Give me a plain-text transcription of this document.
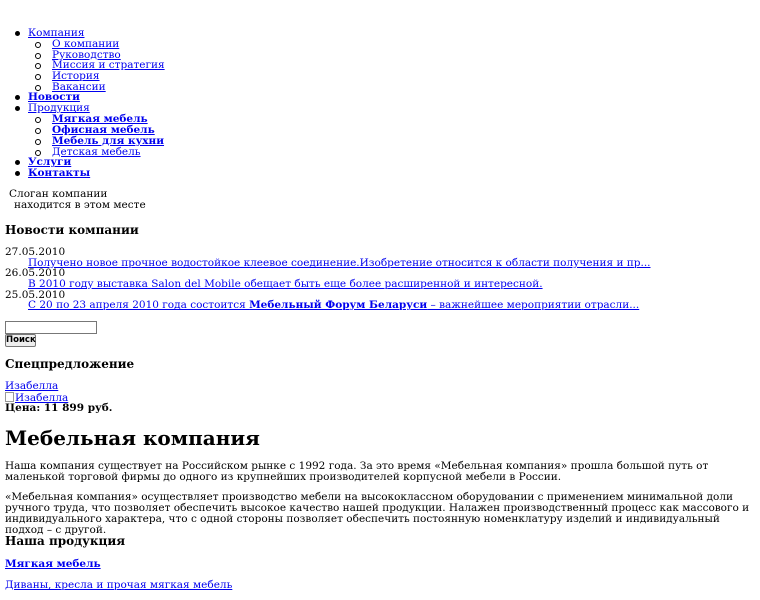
Компания
О компании
Руководство
Миссия и стратегия
История
Вакансии
Новости
Продукция
Мягкая мебель
Офисная мебель
Мебель для кухни
Детская мебель
Услуги
Контакты
Слоган компании
находится в этом месте
Новости компании
27.05.2010
Получено новое прочное водостойкое клеевое соединение.Изобретение относится к области получения и пр...
26.05.2010
В 2010 году выставка Salon del Mobile обещает быть еще более расширенной и интересной.
25.05.2010
С 20 по 23 апреля 2010 года состоится Мебельный Форум Беларуси – важнейшее мероприятии отрасли...
Поиск
Спецпредложение
Изабелла
Изабелла
Цена: 11 899 руб.
Мебельная компания

Наша компания существует на Российском рынке с 1992 года. За это время «Мебельная компания» прошла большой путь от маленькой торговой фирмы до одного из крупнейших производителей корпусной мебели в России.

«Мебельная компания» осуществляет производство мебели на высококлассном оборудовании с применением минимальной доли ручного труда, что позволяет обеспечить высокое качество нашей продукции. Налажен производственный процесс как массового и индивидуального характера, что с одной стороны позволяет обеспечить постоянную номенклатуру изделий и индивидуальный подход – с другой.

Наша продукция
Мягкая мебель
Диваны, кресла и прочая мягкая мебель
